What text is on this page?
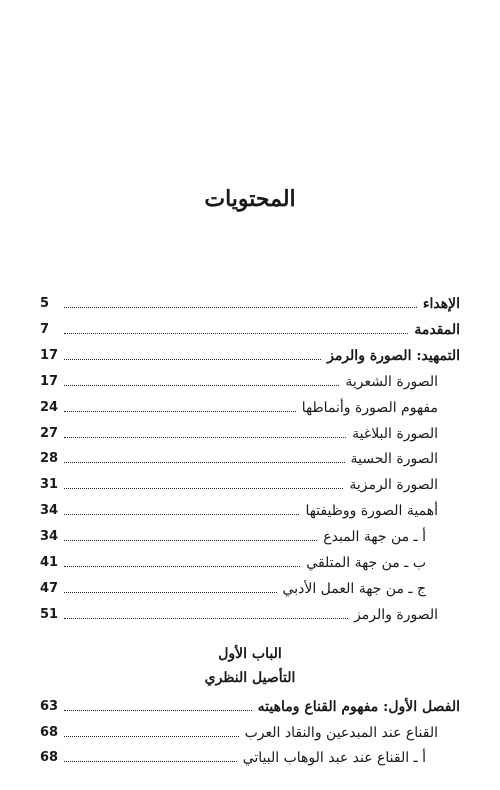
المحتويات
الإهداء
5
المقدمة
7
التمهيد: الصورة والرمز
17
الصورة الشعرية
17
مفهوم الصورة وأنماطها
24
الصورة البلاغية
27
الصورة الحسية
28
الصورة الرمزية
31
أهمية الصورة ووظيفتها
34
أ ـ من جهة المبدع
34
ب ـ من جهة المتلقي
41
ج ـ من جهة العمل الأدبي
47
الصورة والرمز
51
الباب الأول
التأصيل النظري
الفصل الأول: مفهوم القناع وماهيته
63
القناع عند المبدعين والنقاد العرب
68
أ ـ القناع عند عبد الوهاب البياتي
68
